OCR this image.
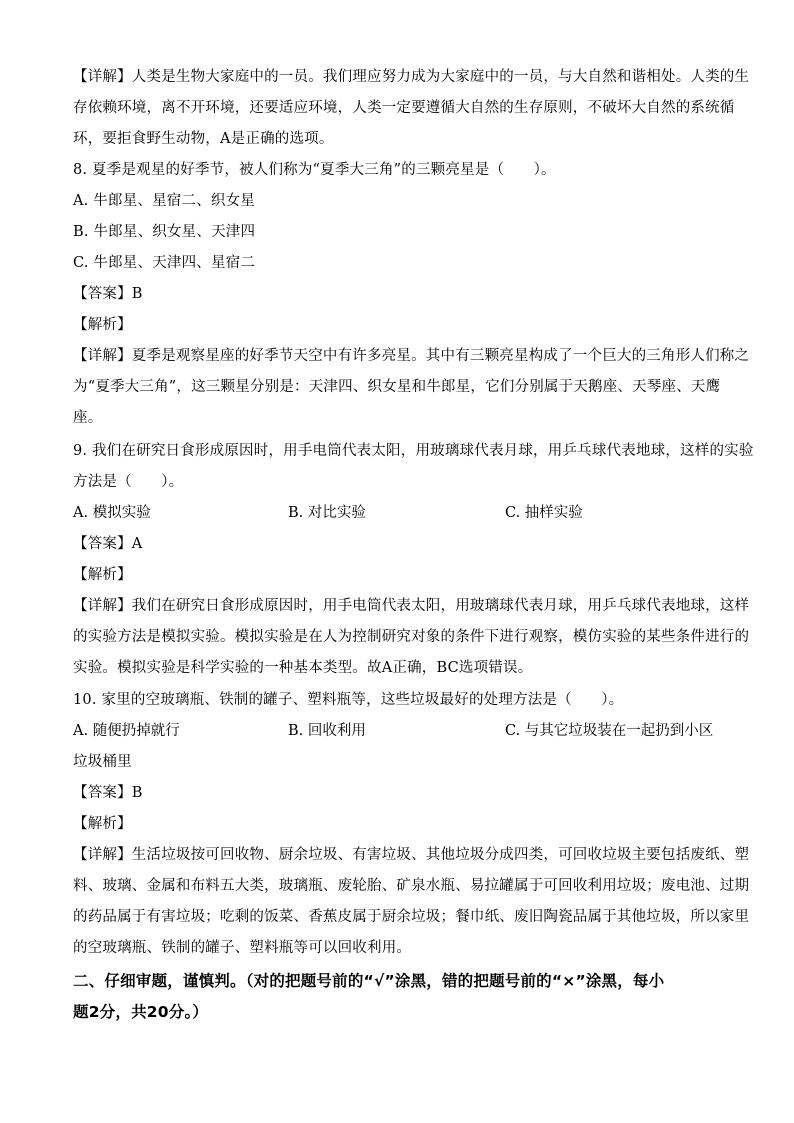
【详解】人类是生物大家庭中的一员。我们理应努力成为大家庭中的一员，与大自然和谐相处。人类的生
存依赖环境，离不开环境，还要适应环境，人类一定要遵循大自然的生存原则，不破坏大自然的系统循
环，要拒食野生动物，A是正确的选项。
8. 夏季是观星的好季节，被人们称为“夏季大三角”的三颗亮星是（　　）。
A. 牛郎星、星宿二、织女星
B. 牛郎星、织女星、天津四
C. 牛郎星、天津四、星宿二
【答案】B
【解析】
【详解】夏季是观察星座的好季节天空中有许多亮星。其中有三颗亮星构成了一个巨大的三角形人们称之
为“夏季大三角”，这三颗星分别是：天津四、织女星和牛郎星，它们分别属于天鹅座、天琴座、天鹰
座。
9. 我们在研究日食形成原因时，用手电筒代表太阳，用玻璃球代表月球，用乒乓球代表地球，这样的实验
方法是（　　）。
A. 模拟实验	B. 对比实验	C. 抽样实验
【答案】A
【解析】
【详解】我们在研究日食形成原因时，用手电筒代表太阳，用玻璃球代表月球，用乒乓球代表地球，这样
的实验方法是模拟实验。模拟实验是在人为控制研究对象的条件下进行观察，模仿实验的某些条件进行的
实验。模拟实验是科学实验的一种基本类型。故A正确，BC选项错误。
10. 家里的空玻璃瓶、铁制的罐子、塑料瓶等，这些垃圾最好的处理方法是（　　）。
A. 随便扔掉就行	B. 回收利用	C. 与其它垃圾装在一起扔到小区
垃圾桶里
【答案】B
【解析】
【详解】生活垃圾按可回收物、厨余垃圾、有害垃圾、其他垃圾分成四类，可回收垃圾主要包括废纸、塑
料、玻璃、金属和布料五大类，玻璃瓶、废轮胎、矿泉水瓶、易拉罐属于可回收利用垃圾；废电池、过期
的药品属于有害垃圾；吃剩的饭菜、香蕉皮属于厨余垃圾；餐巾纸、废旧陶瓷品属于其他垃圾，所以家里
的空玻璃瓶、铁制的罐子、塑料瓶等可以回收利用。
二、仔细审题，谨慎判。（对的把题号前的“√”涂黑，错的把题号前的“×”涂黑，每小
题2分，共20分。）
